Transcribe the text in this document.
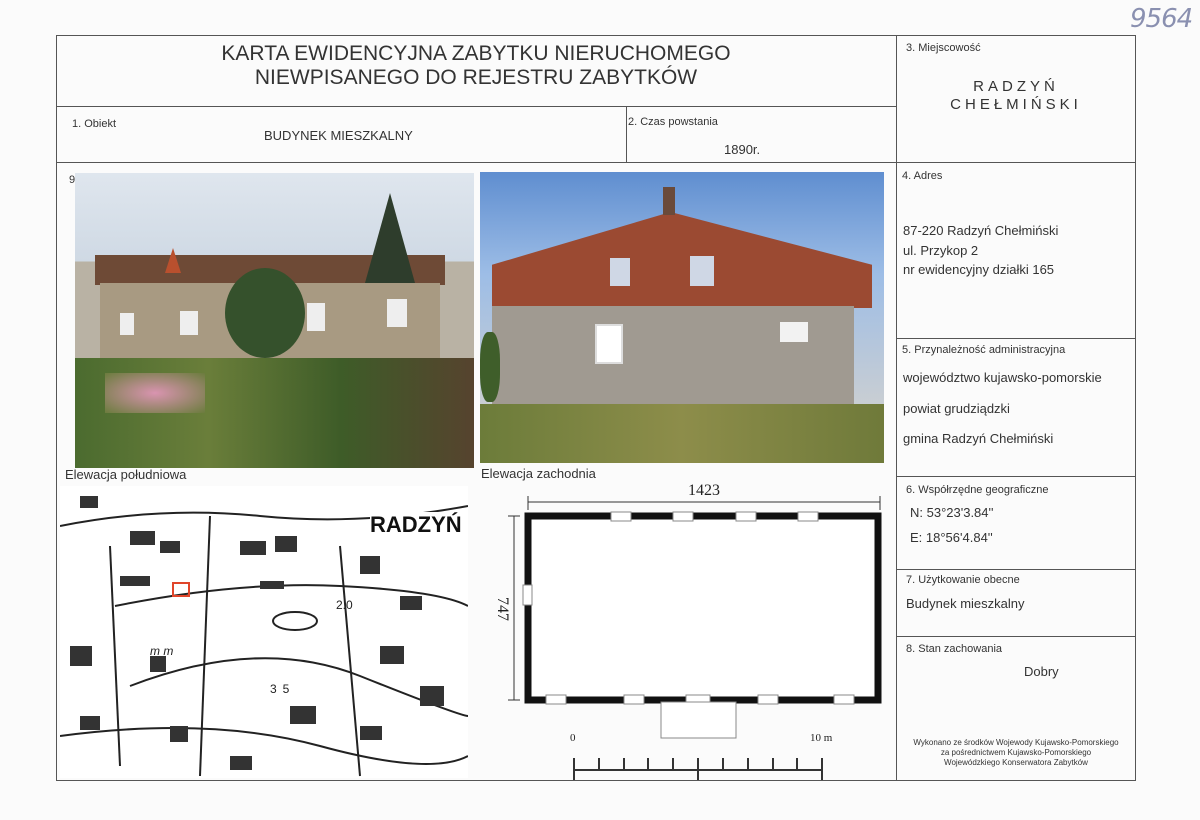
9564
KARTA EWIDENCYJNA ZABYTKU NIERUCHOMEGO
NIEWPISANEGO DO REJESTRU ZABYTKÓW
1. Obiekt
BUDYNEK MIESZKALNY
2. Czas powstania
1890r.
3. Miejscowość
RADZYŃ
CHEŁMIŃSKI
4. Adres
87-220 Radzyń Chełmiński
ul. Przykop 2
nr ewidencyjny działki 165
5. Przynależność administracyjna
województwo kujawsko-pomorskie
powiat grudziądzki
gmina Radzyń Chełmiński
6. Współrzędne geograficzne
N: 53°23'3.84''
E: 18°56'4.84''
7. Użytkowanie obecne
Budynek mieszkalny
8. Stan zachowania
Dobry
Wykonano ze środków Wojewody Kujawsko-Pomorskiego
za pośrednictwem Kujawsko-Pomorskiego
Wojewódzkiego Konserwatora Zabytków
9
Elewacja południowa	Elewacja zachodnia
RADZYŃ
2.0
35
m m
1423
747
0	10 m
